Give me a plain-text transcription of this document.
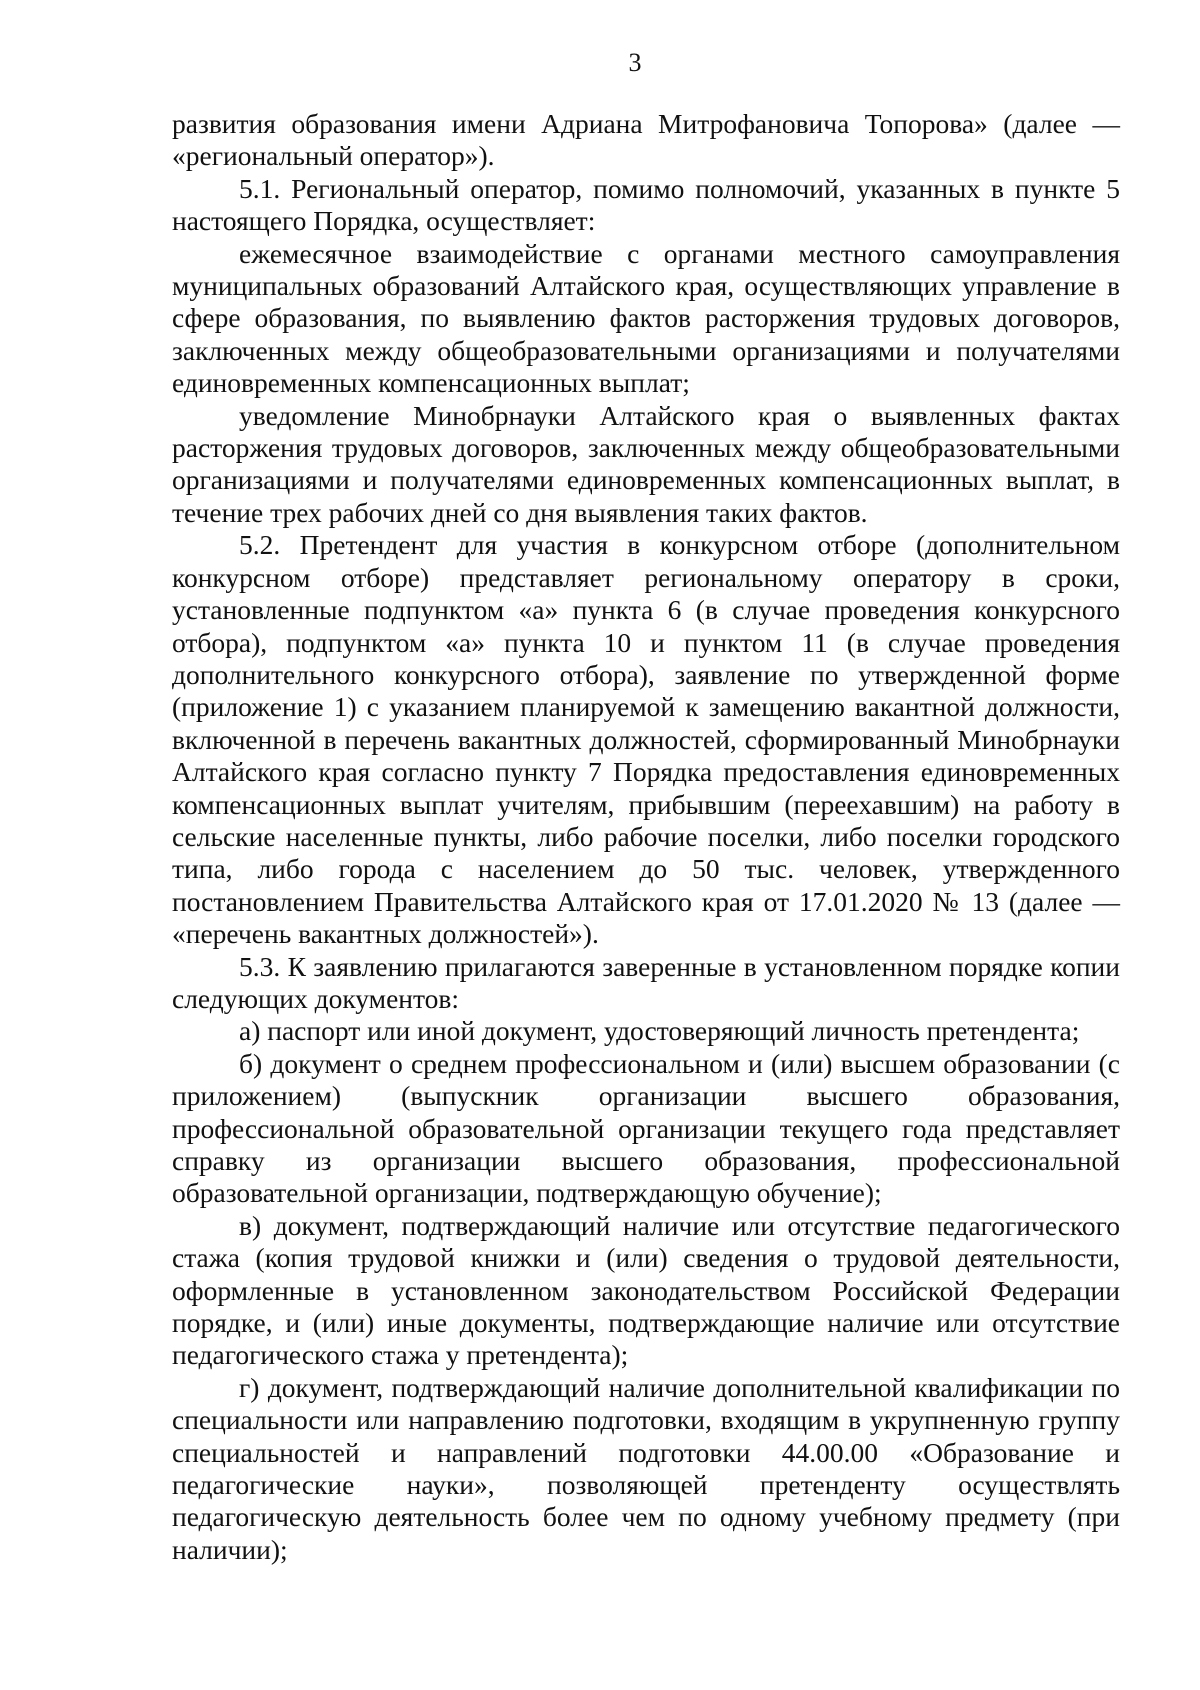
3

развития образования имени Адриана Митрофановича Топорова» (далее — «региональный оператор»).

5.1. Региональный оператор, помимо полномочий, указанных в пункте 5 настоящего Порядка, осуществляет:

ежемесячное взаимодействие с органами местного самоуправления муниципальных образований Алтайского края, осуществляющих управление в сфере образования, по выявлению фактов расторжения трудовых договоров, заключенных между общеобразовательными организациями и получателями единовременных компенсационных выплат;

уведомление Минобрнауки Алтайского края о выявленных фактах расторжения трудовых договоров, заключенных между общеобразовательными организациями и получателями единовременных компенсационных выплат, в течение трех рабочих дней со дня выявления таких фактов.

5.2. Претендент для участия в конкурсном отборе (дополнительном конкурсном отборе) представляет региональному оператору в сроки, установленные подпунктом «а» пункта 6 (в случае проведения конкурсного отбора), подпунктом «а» пункта 10 и пунктом 11 (в случае проведения дополнительного конкурсного отбора), заявление по утвержденной форме (приложение 1) с указанием планируемой к замещению вакантной должности, включенной в перечень вакантных должностей, сформированный Минобрнауки Алтайского края согласно пункту 7 Порядка предоставления единовременных компенсационных выплат учителям, прибывшим (переехавшим) на работу в сельские населенные пункты, либо рабочие поселки, либо поселки городского типа, либо города с населением до 50 тыс. человек, утвержденного постановлением Правительства Алтайского края от 17.01.2020 № 13 (далее — «перечень вакантных должностей»).

5.3. К заявлению прилагаются заверенные в установленном порядке копии следующих документов:

а) паспорт или иной документ, удостоверяющий личность претендента;

б) документ о среднем профессиональном и (или) высшем образовании (с приложением) (выпускник организации высшего образования, профессиональной образовательной организации текущего года представляет справку из организации высшего образования, профессиональной образовательной организации, подтверждающую обучение);

в) документ, подтверждающий наличие или отсутствие педагогического стажа (копия трудовой книжки и (или) сведения о трудовой деятельности, оформленные в установленном законодательством Российской Федерации порядке, и (или) иные документы, подтверждающие наличие или отсутствие педагогического стажа у претендента);

г) документ, подтверждающий наличие дополнительной квалификации по специальности или направлению подготовки, входящим в укрупненную группу специальностей и направлений подготовки 44.00.00 «Образование и педагогические науки», позволяющей претенденту осуществлять педагогическую деятельность более чем по одному учебному предмету (при наличии);
